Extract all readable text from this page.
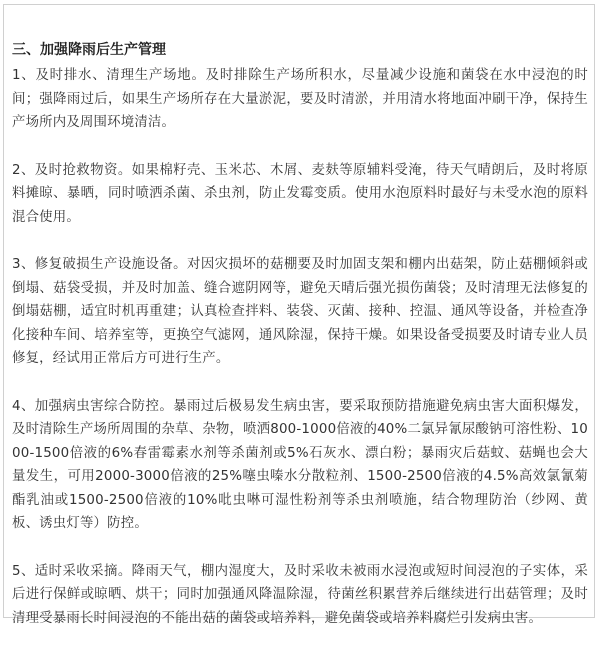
三、加强降雨后生产管理

1、及时排水、清理生产场地。及时排除生产场所积水，尽量减少设施和菌袋在水中浸泡的时间；强降雨过后，如果生产场所存在大量淤泥，要及时清淤，并用清水将地面冲刷干净，保持生产场所内及周围环境清洁。

2、及时抢救物资。如果棉籽壳、玉米芯、木屑、麦麸等原辅料受淹，待天气晴朗后，及时将原料摊晾、暴晒，同时喷洒杀菌、杀虫剂，防止发霉变质。使用水泡原料时最好与未受水泡的原料混合使用。

3、修复破损生产设施设备。对因灾损坏的菇棚要及时加固支架和棚内出菇架，防止菇棚倾斜或倒塌、菇袋受损，并及时加盖、缝合遮阴网等，避免天晴后强光损伤菌袋；及时清理无法修复的倒塌菇棚，适宜时机再重建；认真检查拌料、装袋、灭菌、接种、控温、通风等设备，并检查净化接种车间、培养室等，更换空气滤网，通风除湿，保持干燥。如果设备受损要及时请专业人员修复，经试用正常后方可进行生产。

4、加强病虫害综合防控。暴雨过后极易发生病虫害，要采取预防措施避免病虫害大面积爆发，及时清除生产场所周围的杂草、杂物，喷洒800-1000倍液的40%二氯异氰尿酸钠可溶性粉、1000-1500倍液的6%春雷霉素水剂等杀菌剂或5%石灰水、漂白粉；暴雨灾后菇蚊、菇蝇也会大量发生，可用2000-3000倍液的25%噻虫嗪水分散粒剂、1500-2500倍液的4.5%高效氯氰菊酯乳油或1500-2500倍液的10%吡虫啉可湿性粉剂等杀虫剂喷施，结合物理防治（纱网、黄板、诱虫灯等）防控。

5、适时采收采摘。降雨天气，棚内湿度大，及时采收未被雨水浸泡或短时间浸泡的子实体，采后进行保鲜或晾晒、烘干；同时加强通风降温除湿，待菌丝积累营养后继续进行出菇管理；及时清理受暴雨长时间浸泡的不能出菇的菌袋或培养料，避免菌袋或培养料腐烂引发病虫害。
